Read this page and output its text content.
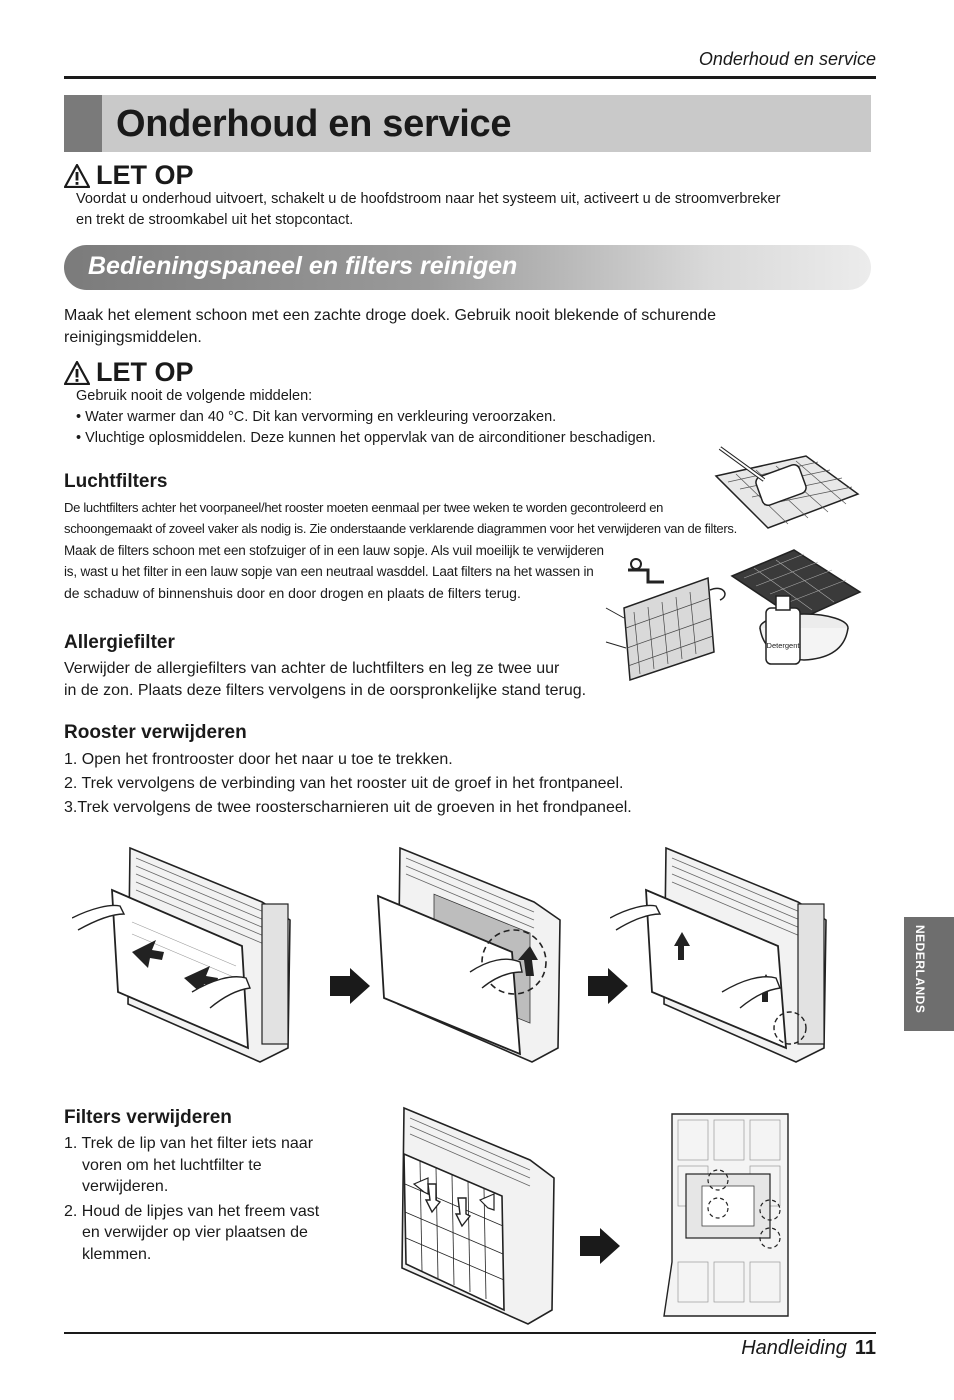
Onderhoud en service
Onderhoud en service
LET OP
Voordat u onderhoud uitvoert, schakelt u de hoofdstroom naar het systeem uit, activeert u de stroomverbreker
en trekt de stroomkabel uit het stopcontact.
Bedieningspaneel en filters reinigen
Maak het element schoon met een zachte droge doek. Gebruik nooit blekende of schurende
reinigingsmiddelen.
LET OP
Gebruik nooit de volgende middelen:
• Water warmer dan 40 °C. Dit kan vervorming en verkleuring veroorzaken.
• Vluchtige oplosmiddelen. Deze kunnen het oppervlak van de airconditioner beschadigen.
Luchtfilters
De luchtfilters achter het voorpaneel/het rooster moeten eenmaal per twee weken te worden gecontroleerd en
schoongemaakt of zoveel vaker als nodig is. Zie onderstaande verklarende diagrammen voor het verwijderen van de filters.
Maak de filters schoon met een stofzuiger of in een lauw sopje. Als vuil moeilijk te verwijderen
is, wast u het filter in een lauw sopje van een neutraal wasddel. Laat filters na het wassen in
de schaduw of binnenshuis door en door drogen en plaats de filters terug.
Allergiefilter
Verwijder de allergiefilters van achter de luchtfilters en leg ze twee uur
in de zon. Plaats deze filters vervolgens in de oorspronkelijke stand terug.
Rooster verwijderen
1. Open het frontrooster door het naar u toe te trekken.
2. Trek vervolgens de verbinding van het rooster uit de groef in het frontpaneel.
3.Trek vervolgens de twee roosterscharnieren uit de groeven in het frondpaneel.
Filters verwijderen

1. Trek de lip van het filter iets naar voren om het luchtfilter te verwijderen.

2. Houd de lipjes van het freem vast en verwijder op vier plaatsen de klemmen.

Detergent
NEDERLANDS
Handleiding 11
